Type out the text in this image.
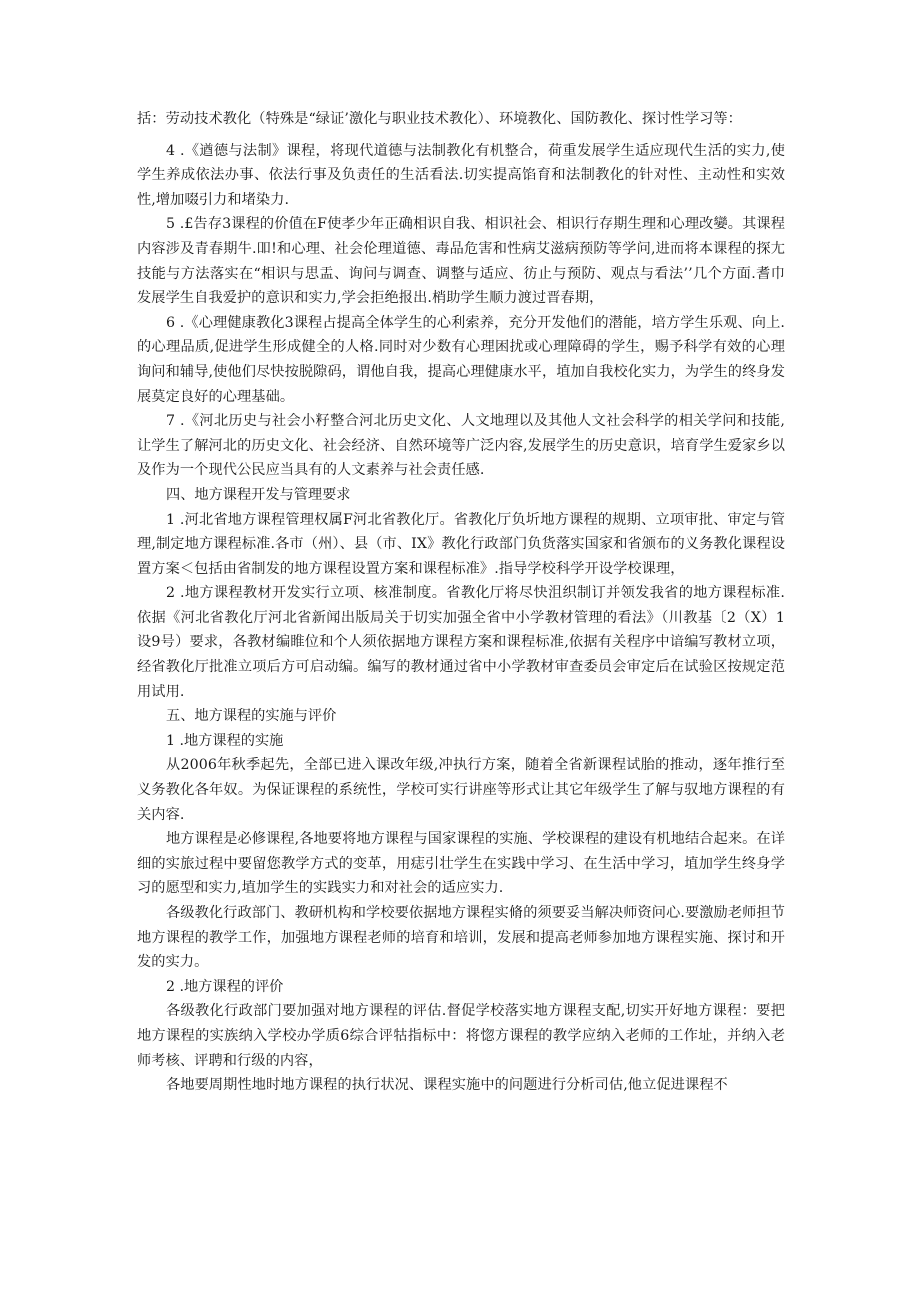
括：劳动技术教化（特殊是“绿证’激化与职业技术教化）、环境教化、国防教化、探讨性学习等：

4 .《遒德与法制》课程，将现代道德与法制教化有机整合，荷重发展学生适应现代生活的实力,使学生养成依法办事、依法行事及负责任的生活看法.切实提高馅育和法制教化的针对性、主动性和实效性,增加啜引力和堵染力.

5 .£告存3课程的价值在F使孝少年正确相识自我、相识社会、相识行存期生理和心理改孌。其课程内容涉及青春期牛.吅!和心理、社会伦理道德、毒品危害和性病艾滋病预防等学问,进而将本课程的探尢技能与方法落实在“相识与思盂、询问与调查、调整与适应、彷止与预防、观点与看法’’几个方面.耆巾发展学生自我爱护的意识和实力,学会拒绝报出.梢助学生顺力渡过晋春期，

6 .《心理健康教化3课程占提高全体学生的心利索养，充分开发他们的潜能，培方学生乐观、向上.的心理品质,促进学生形成健全的人格.同时对少数有心理困扰或心理障碍的学生，赐予科学有效的心理询问和辅导,使他们尽快按脱隙码，谓他自我，提高心理健康水平，埴加自我校化实力，为学生的终身发展莫定良好的心理基础。

7 .《河北历史与社会小籽整合河北历史文化、人文地理以及其他人文社会科学的相关学问和技能,让学生了解河北的历史文化、社会经济、自然环境等广泛内容,发展学生的历史意识，培育学生爱家乡以及作为一个现代公民应当具有的人文素养与社会责任感.

四、地方课程开发与管理要求

1 .河北省地方课程管理权属F河北省教化厅。省教化厅负圻地方课程的规期、立项审批、审定与管理,制定地方课程标准.各市（州）、县（市、IX》教化行政部门负货落实国家和省颁布的义务教化课程设置方案＜包括由省制发的地方课程设置方案和课程标准》.指导学校科学开设学校课理，

2 .地方课程教材开发实行立项、核准制度。省教化厅将尽快沮织制订并领发我省的地方课程标准.依据《河北省教化厅河北省新闻出版局关于切实加强全省中小学教材管理的看法》（川教基〔2（X）1设9号）要求，各教材编睢位和个人须依据地方课程方案和课程标准,依据有关程序中谙编写教材立项，经省教化厅批准立项后方可启动编。编写的教材通过省中小学教材审查委员会审定后在试验区按规定范用试用.

五、地方课程的实施与评价

1 .地方课程的实施

从2006年秋季起先，全部已进入课改年级,冲执行方案，随着全省新课程试胎的推动，逐年推行至义务教化各年奴。为保证课程的系统性，学校可实行讲座等形式让其它年级学生了解与驭地方课程的有关内容.

地方课程是必修课程,各地要将地方课程与国家课程的实施、学校课程的建设有机地结合起来。在详细的实旅过程中要留您教学方式的变革，用痣引壮学生在实践中学习、在生活中学习，埴加学生终身学习的愿型和实力,埴加学生的实践实力和对社会的适应实力.

各级教化行政部门、教研机构和学校要依据地方课程实脩的须要妥当解决师资问心.要激励老师担节地方课程的教学工作，加强地方课程老师的培育和培训，发展和提高老师参加地方课程实施、探讨和开发的实力。

2 .地方课程的评价

各级教化行政部门要加强对地方课程的评估.督促学校落实地方课程支配,切实开好地方课程：要把地方课程的实族纳入学校办学质6综合评牯指标中：将惚方课程的教学应纳入老师的工作址，并纳入老师考核、评聘和行级的内容，

各地要周期性地时地方课程的执行状况、课程实施中的问题进行分析司估,他立促进课程不
